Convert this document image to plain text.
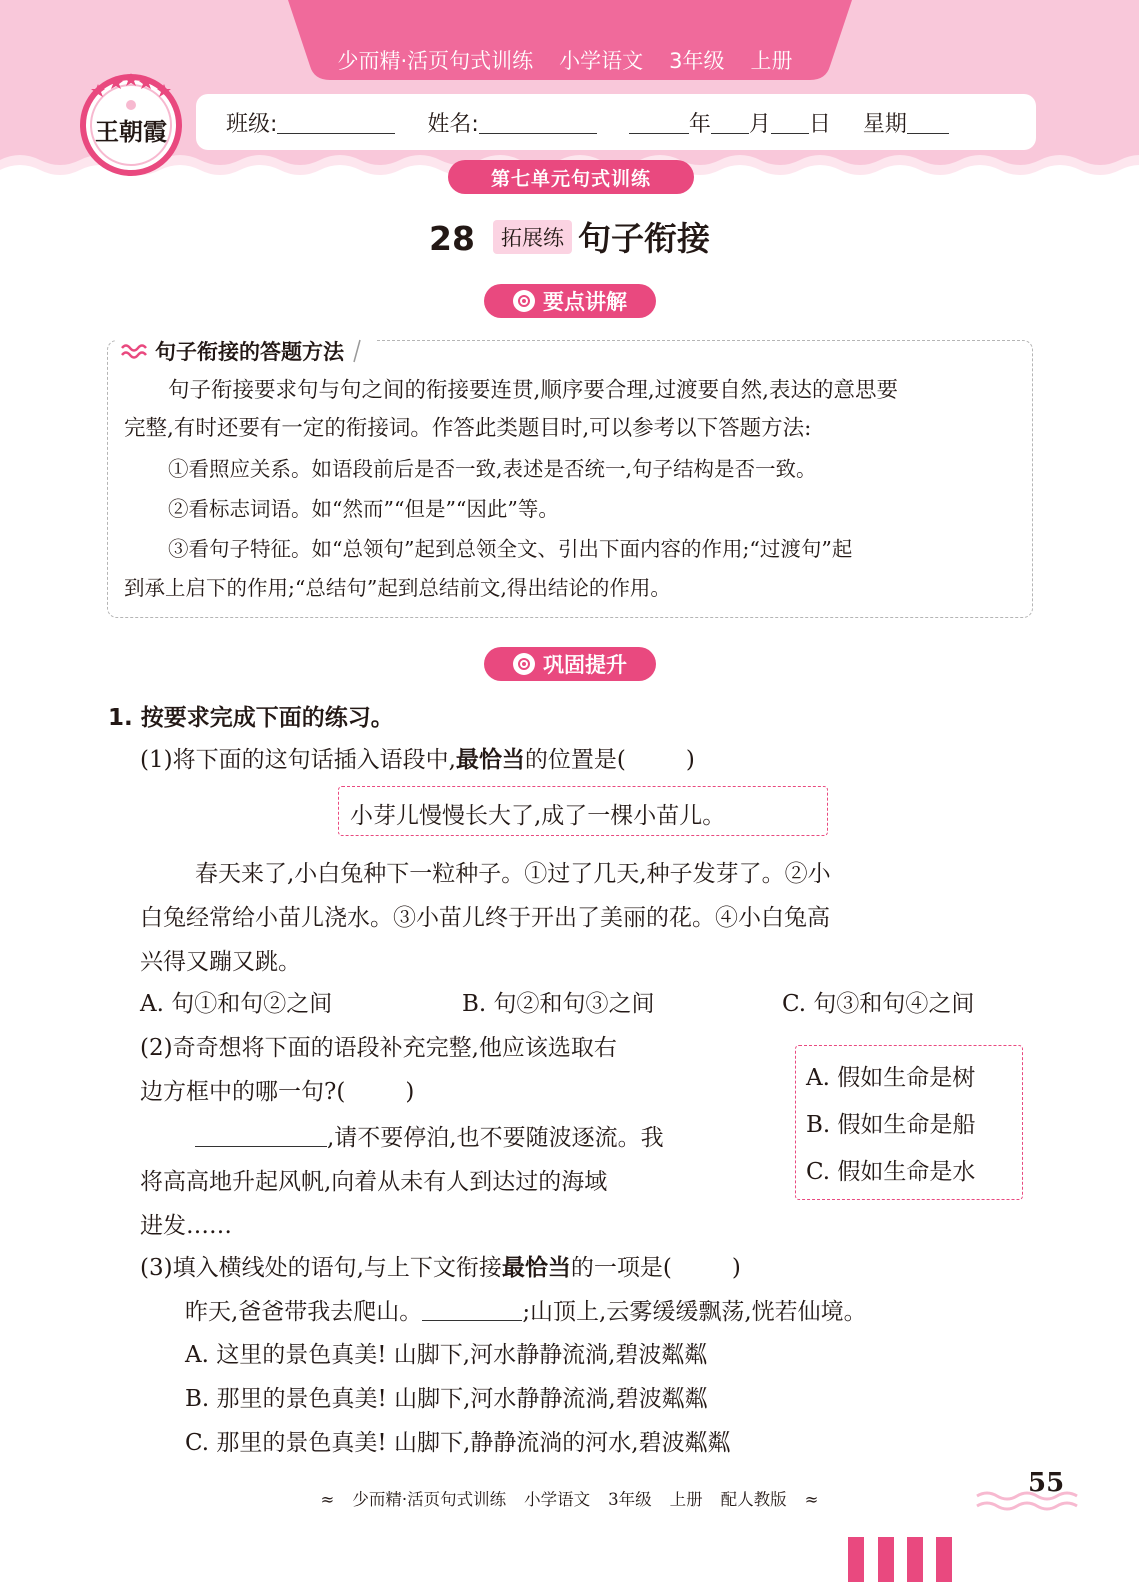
少而精·活页句式训练 小学语文 3年级 上册
王朝霞	班级:	姓名:	年 月 日 星期
第七单元句式训练
28 拓展练 句子衔接
要点讲解
句子衔接的答题方法
句子衔接要求句与句之间的衔接要连贯,顺序要合理,过渡要自然,表达的意思要
完整,有时还要有一定的衔接词。作答此类题目时,可以参考以下答题方法:
①看照应关系。如语段前后是否一致,表述是否统一,句子结构是否一致。
②看标志词语。如“然而”“但是”“因此”等。
③看句子特征。如“总领句”起到总领全文、引出下面内容的作用;“过渡句”起
到承上启下的作用;“总结句”起到总结前文,得出结论的作用。
巩固提升
1. 按要求完成下面的练习。
(1)将下面的这句话插入语段中,最恰当的位置是(	)
小芽儿慢慢长大了,成了一棵小苗儿。
春天来了,小白兔种下一粒种子。①过了几天,种子发芽了。②小
白兔经常给小苗儿浇水。③小苗儿终于开出了美丽的花。④小白兔高
兴得又蹦又跳。
A. 句①和句②之间	B. 句②和句③之间	C. 句③和句④之间
(2)奇奇想将下面的语段补充完整,他应该选取右
边方框中的哪一句?(	)
,请不要停泊,也不要随波逐流。我
将高高地升起风帆,向着从未有人到达过的海域
进发……
A. 假如生命是树
B. 假如生命是船
C. 假如生命是水
(3)填入横线处的语句,与上下文衔接最恰当的一项是(	)
昨天,爸爸带我去爬山。	;山顶上,云雾缓缓飘荡,恍若仙境。
A. 这里的景色真美! 山脚下,河水静静流淌,碧波粼粼
B. 那里的景色真美! 山脚下,河水静静流淌,碧波粼粼
C. 那里的景色真美! 山脚下,静静流淌的河水,碧波粼粼
≈ 少而精·活页句式训练 小学语文 3年级 上册 配人教版 ≈
55
